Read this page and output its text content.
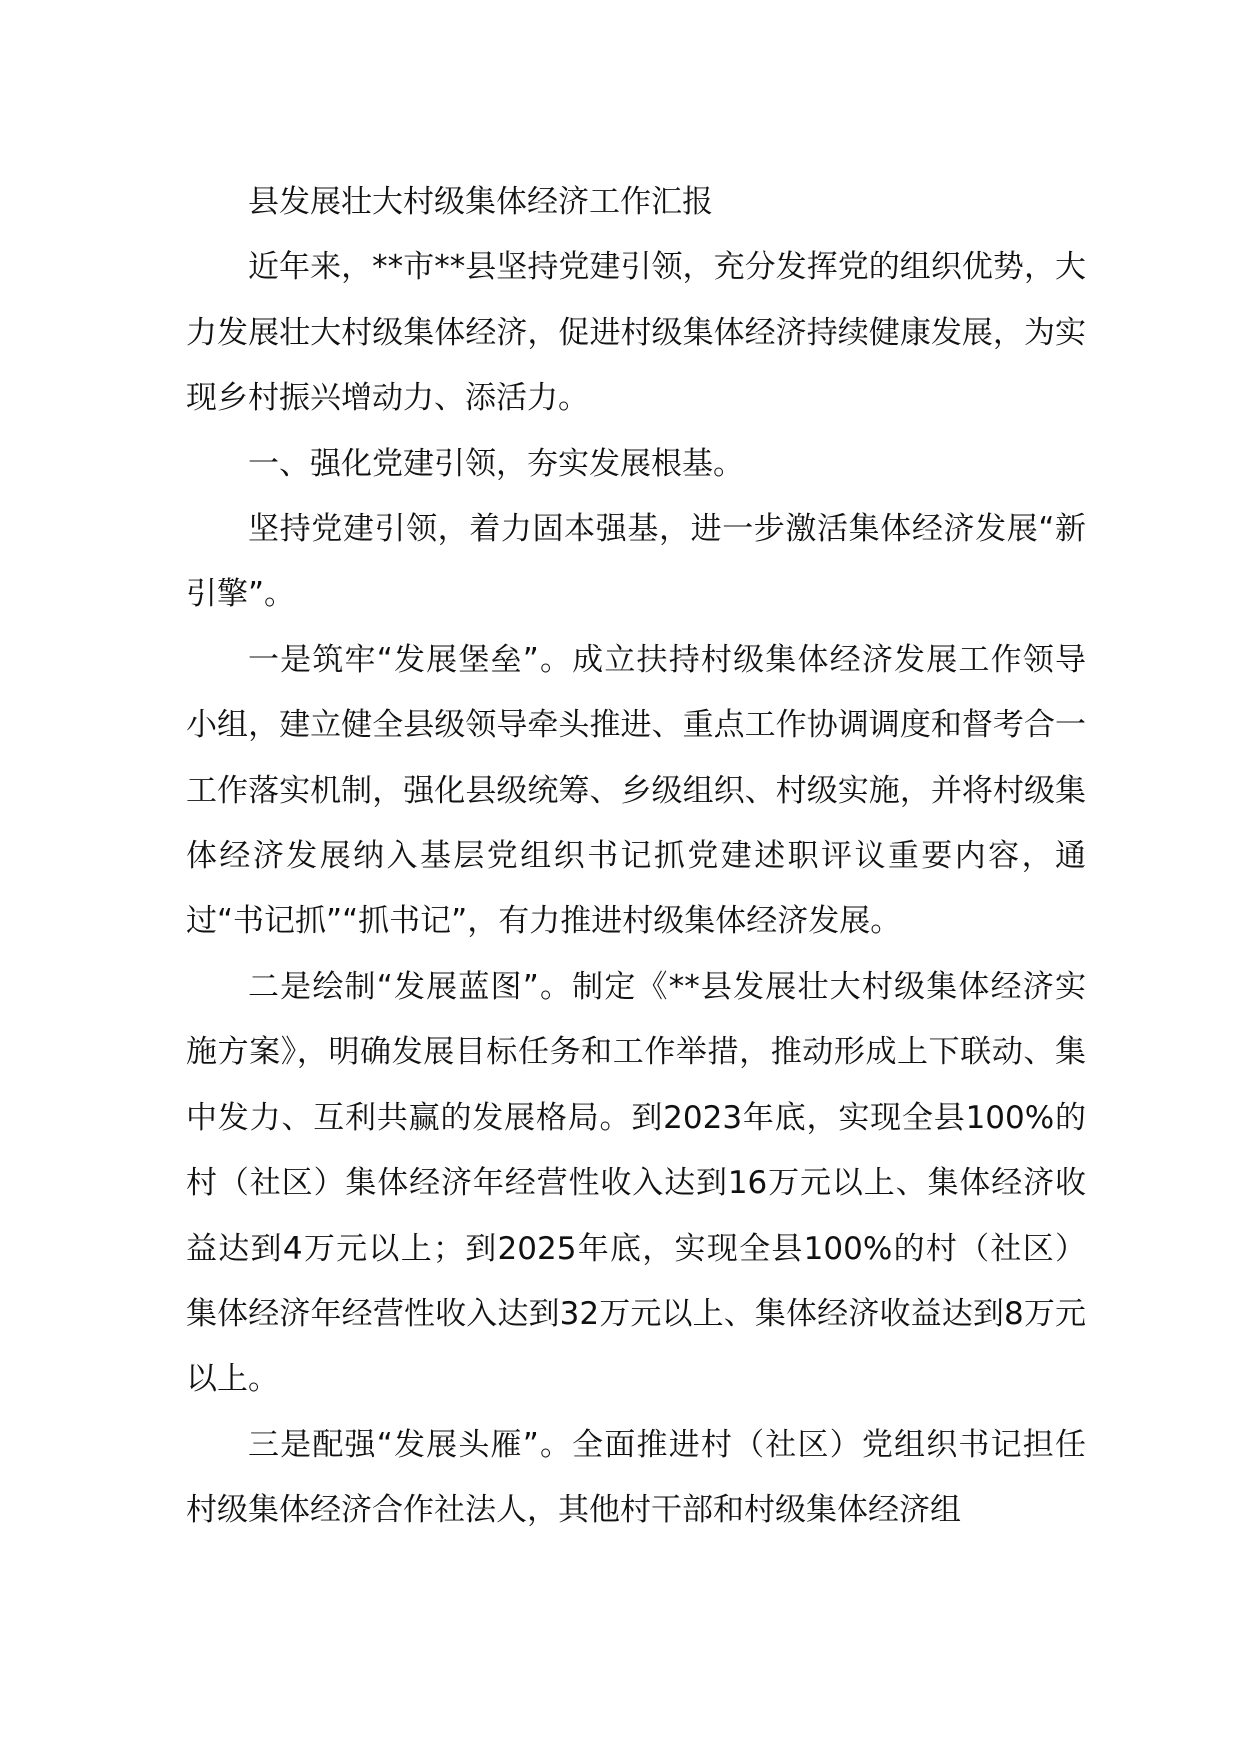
县发展壮大村级集体经济工作汇报

近年来，**市**县坚持党建引领，充分发挥党的组织优势，大力发展壮大村级集体经济，促进村级集体经济持续健康发展，为实现乡村振兴增动力、添活力。

一、强化党建引领，夯实发展根基。

坚持党建引领，着力固本强基，进一步激活集体经济发展“新引擎”。

一是筑牢“发展堡垒”。成立扶持村级集体经济发展工作领导小组，建立健全县级领导牵头推进、重点工作协调调度和督考合一工作落实机制，强化县级统筹、乡级组织、村级实施，并将村级集体经济发展纳入基层党组织书记抓党建述职评议重要内容，通过“书记抓”“抓书记”，有力推进村级集体经济发展。

二是绘制“发展蓝图”。制定《**县发展壮大村级集体经济实施方案》，明确发展目标任务和工作举措，推动形成上下联动、集中发力、互利共赢的发展格局。到2023年底，实现全县100%的村（社区）集体经济年经营性收入达到16万元以上、集体经济收益达到4万元以上；到2025年底，实现全县100%的村（社区）集体经济年经营性收入达到32万元以上、集体经济收益达到8万元以上。

三是配强“发展头雁”。全面推进村（社区）党组织书记担任村级集体经济合作社法人，其他村干部和村级集体经济组
